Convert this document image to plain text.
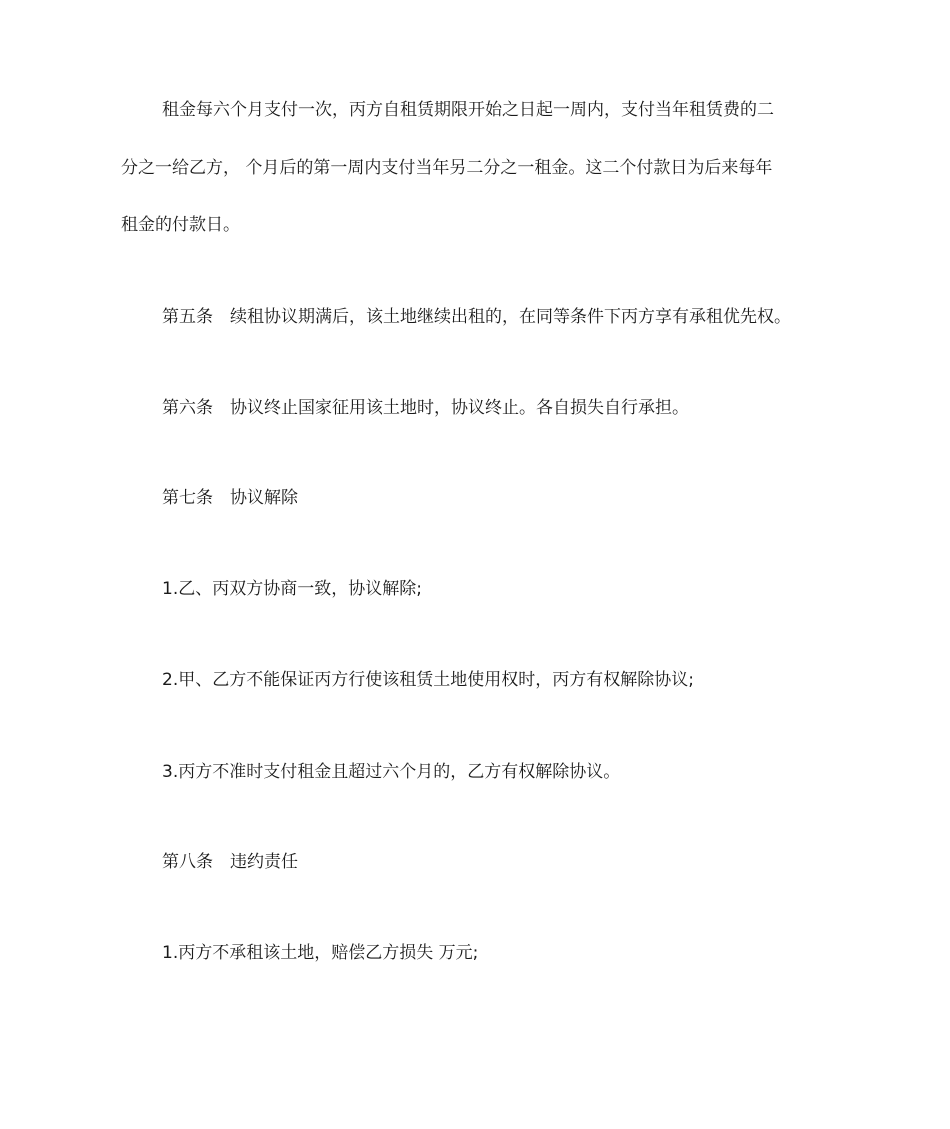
租金每六个月支付一次，丙方自租赁期限开始之日起一周内，支付当年租赁费的二
分之一给乙方， 个月后的第一周内支付当年另二分之一租金。这二个付款日为后来每年
租金的付款日。
第五条　续租协议期满后，该土地继续出租的，在同等条件下丙方享有承租优先权。
第六条　协议终止国家征用该土地时，协议终止。各自损失自行承担。
第七条　协议解除
1.乙、丙双方协商一致，协议解除;
2.甲、乙方不能保证丙方行使该租赁土地使用权时，丙方有权解除协议;
3.丙方不准时支付租金且超过六个月的，乙方有权解除协议。
第八条　违约责任
1.丙方不承租该土地，赔偿乙方损失 万元;
